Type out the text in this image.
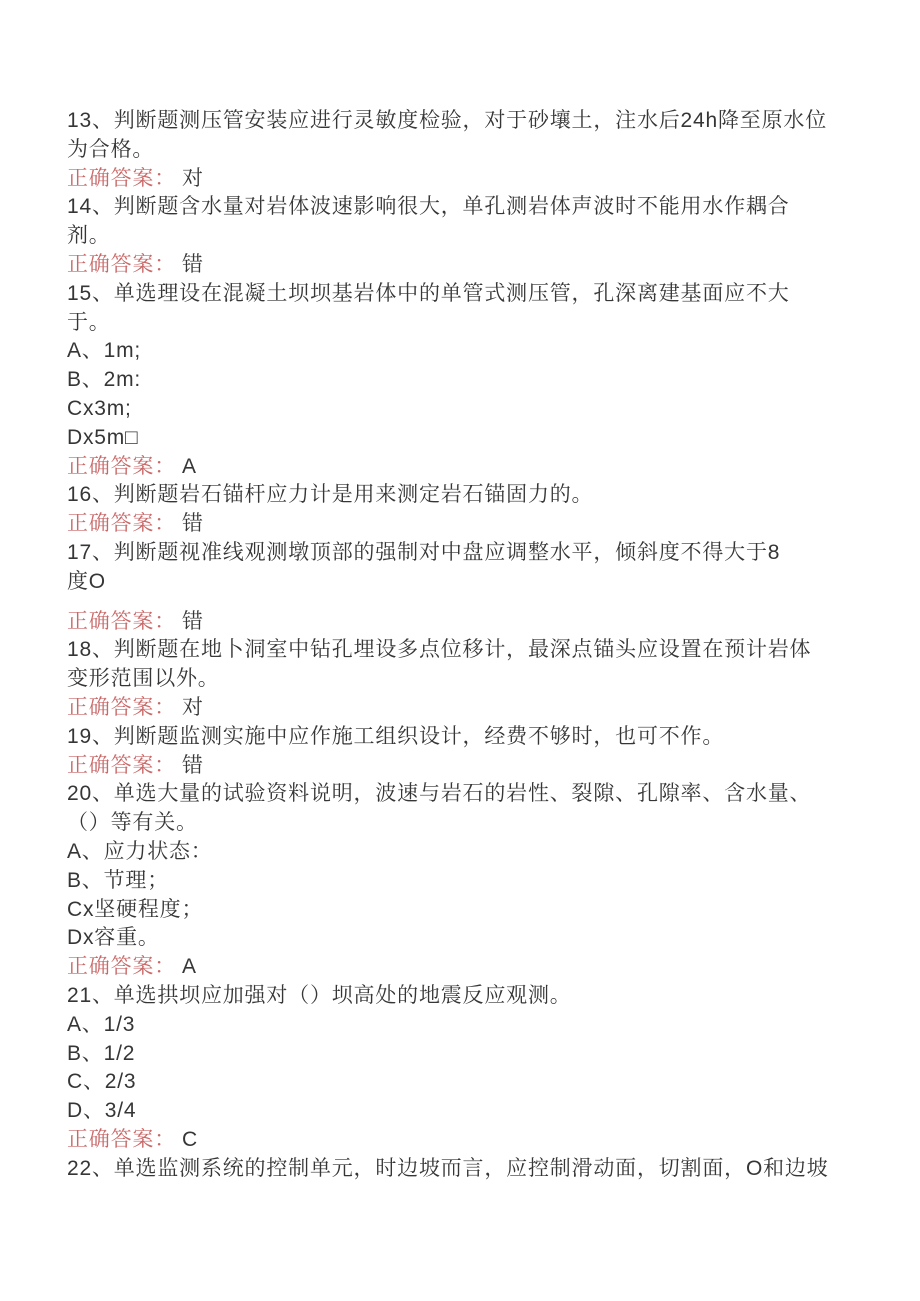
13、判断题测压管安装应进行灵敏度检验，对于砂壤土，注水后24h降至原水位
为合格。
正确答案： 对
14、判断题含水量对岩体波速影响很大，单孔测岩体声波时不能用水作耦合
剂。
正确答案： 错
15、单选理设在混凝土坝坝基岩体中的单管式测压管，孔深离建基面应不大
于。
A、1m;
B、2m:
Cx3m;
Dx5m□
正确答案： A
16、判断题岩石锚杆应力计是用来测定岩石锚固力的。
正确答案： 错
17、判断题视准线观测墩顶部的强制对中盘应调整水平，倾斜度不得大于8
度O
正确答案： 错
18、判断题在地卜洞室中钻孔埋设多点位移计，最深点锚头应设置在预计岩体
变形范围以外。
正确答案： 对
19、判断题监测实施中应作施工组织设计，经费不够时，也可不作。
正确答案： 错
20、单选大量的试验资料说明，波速与岩石的岩性、裂隙、孔隙率、含水量、
（）等有关。
A、应力状态：
B、节理；
Cx坚硬程度；
Dx容重。
正确答案： A
21、单选拱坝应加强对（）坝高处的地震反应观测。
A、1/3
B、1/2
C、2/3
D、3/4
正确答案： C
22、单选监测系统的控制单元，时边坡而言，应控制滑动面，切割面，O和边坡
